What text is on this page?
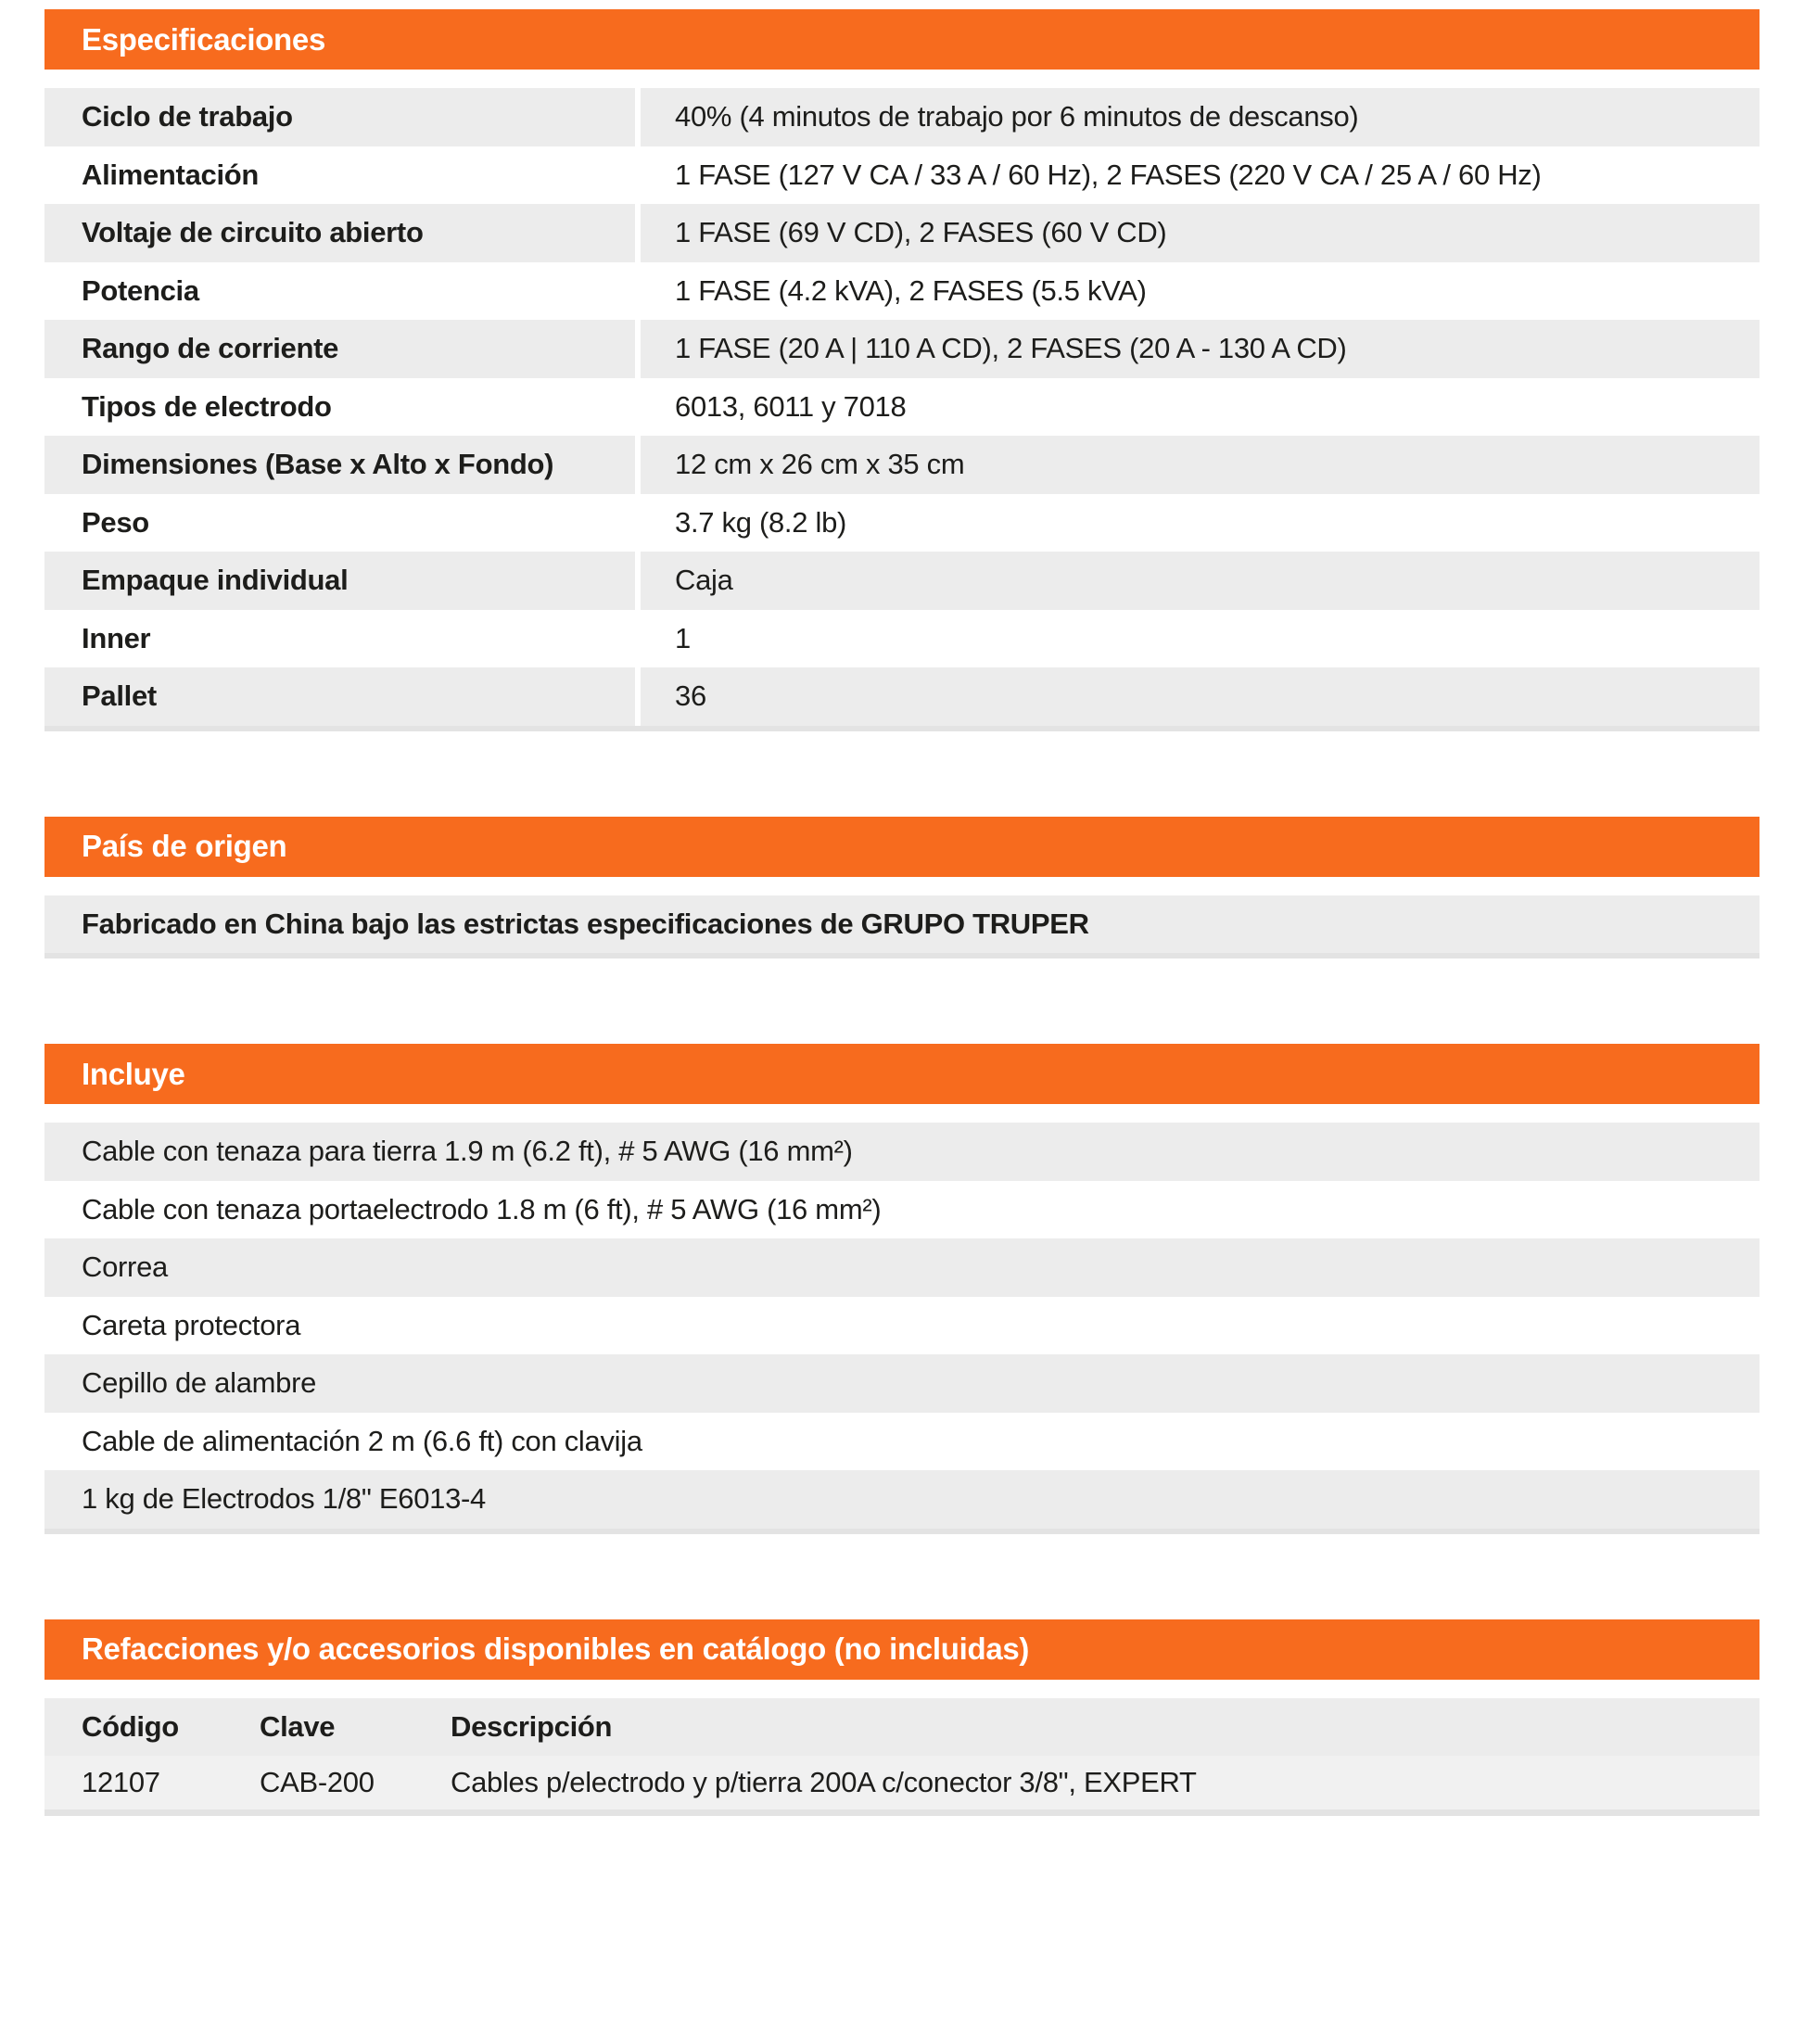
Especificaciones
Ciclo de trabajo	40% (4 minutos de trabajo por 6 minutos de descanso)
Alimentación	1 FASE (127 V CA / 33 A / 60 Hz), 2 FASES (220 V CA / 25 A / 60 Hz)
Voltaje de circuito abierto	1 FASE (69 V CD), 2 FASES (60 V CD)
Potencia	1 FASE (4.2 kVA), 2 FASES (5.5 kVA)
Rango de corriente	1 FASE (20 A | 110 A CD), 2 FASES (20 A - 130 A CD)
Tipos de electrodo	6013, 6011 y 7018
Dimensiones (Base x Alto x Fondo)	12 cm x 26 cm x 35 cm
Peso	3.7 kg (8.2 lb)
Empaque individual	Caja
Inner	1
Pallet	36
País de origen
Fabricado en China bajo las estrictas especificaciones de GRUPO TRUPER
Incluye
Cable con tenaza para tierra 1.9 m (6.2 ft), # 5 AWG (16 mm²)
Cable con tenaza portaelectrodo 1.8 m (6 ft), # 5 AWG (16 mm²)
Correa
Careta protectora
Cepillo de alambre
Cable de alimentación 2 m (6.6 ft) con clavija
1 kg de Electrodos 1/8" E6013-4
Refacciones y/o accesorios disponibles en catálogo (no incluidas)
Código	Clave	Descripción
12107	CAB-200	Cables p/electrodo y p/tierra 200A c/conector 3/8", EXPERT
